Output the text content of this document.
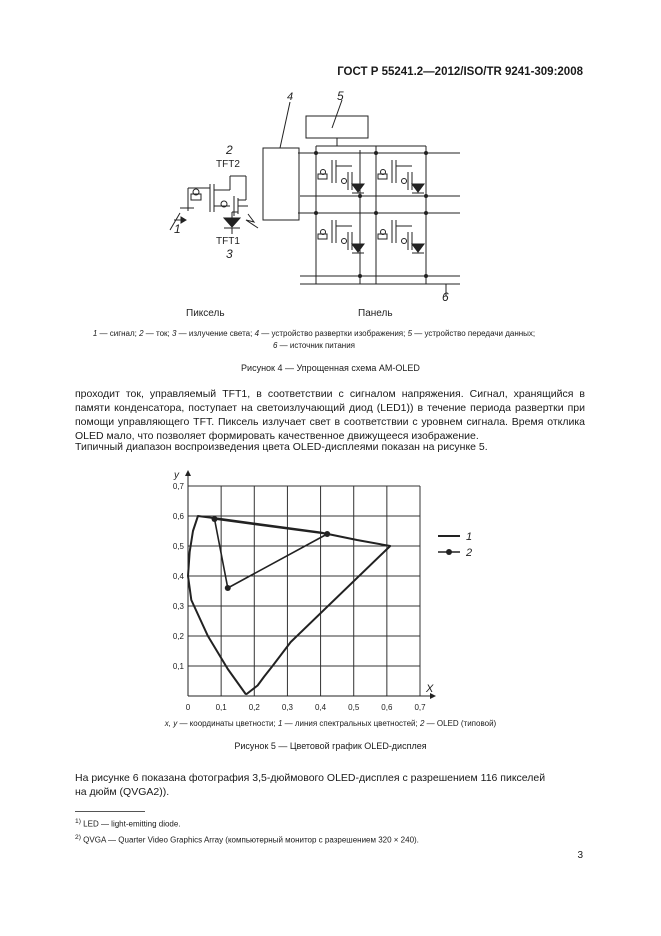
ГОСТ Р 55241.2—2012/ISO/TR 9241-309:2008
4	5
2
TFT2
TFT1
3
1
6
Пиксель	Панель
1 — сигнал; 2 — ток; 3 — излучение света; 4 — устройство развертки изображения; 5 — устройство передачи данных;
6 — источник питания
Рисунок 4 — Упрощенная схема AM-OLED
проходит ток, управляемый TFT1, в соответствии с сигналом напряжения. Сигнал, хранящийся в памяти конденсатора, поступает на светоизлучающий диод (LED1)) в течение периода развертки при помощи управляющего TFT. Пиксель излучает свет в соответствии с уровнем сигнала. Время отклика OLED мало, что позволяет формировать качественное движущееся изображение.
Типичный диапазон воспроизведения цвета OLED-дисплеями показан на рисунке 5.
0	0,1	0,2	0,3	0,4	0,5	0,6	0,7
0,1
0,2
0,3
0,4
0,5
0,6
0,7
1
2
X
у
x, y — координаты цветности; 1 — линия спектральных цветностей; 2 — OLED (типовой)
Рисунок 5 — Цветовой график OLED-дисплея
На рисунке 6 показана фотография 3,5-дюймового OLED-дисплея с разрешением 116 пикселей
на дюйм (QVGA2)).
$^{1)}$ LED — light-emitting diode.
$^{2)}$ QVGA — Quarter Video Graphics Array (компьютерный монитор с разрешением 320 × 240).
3
